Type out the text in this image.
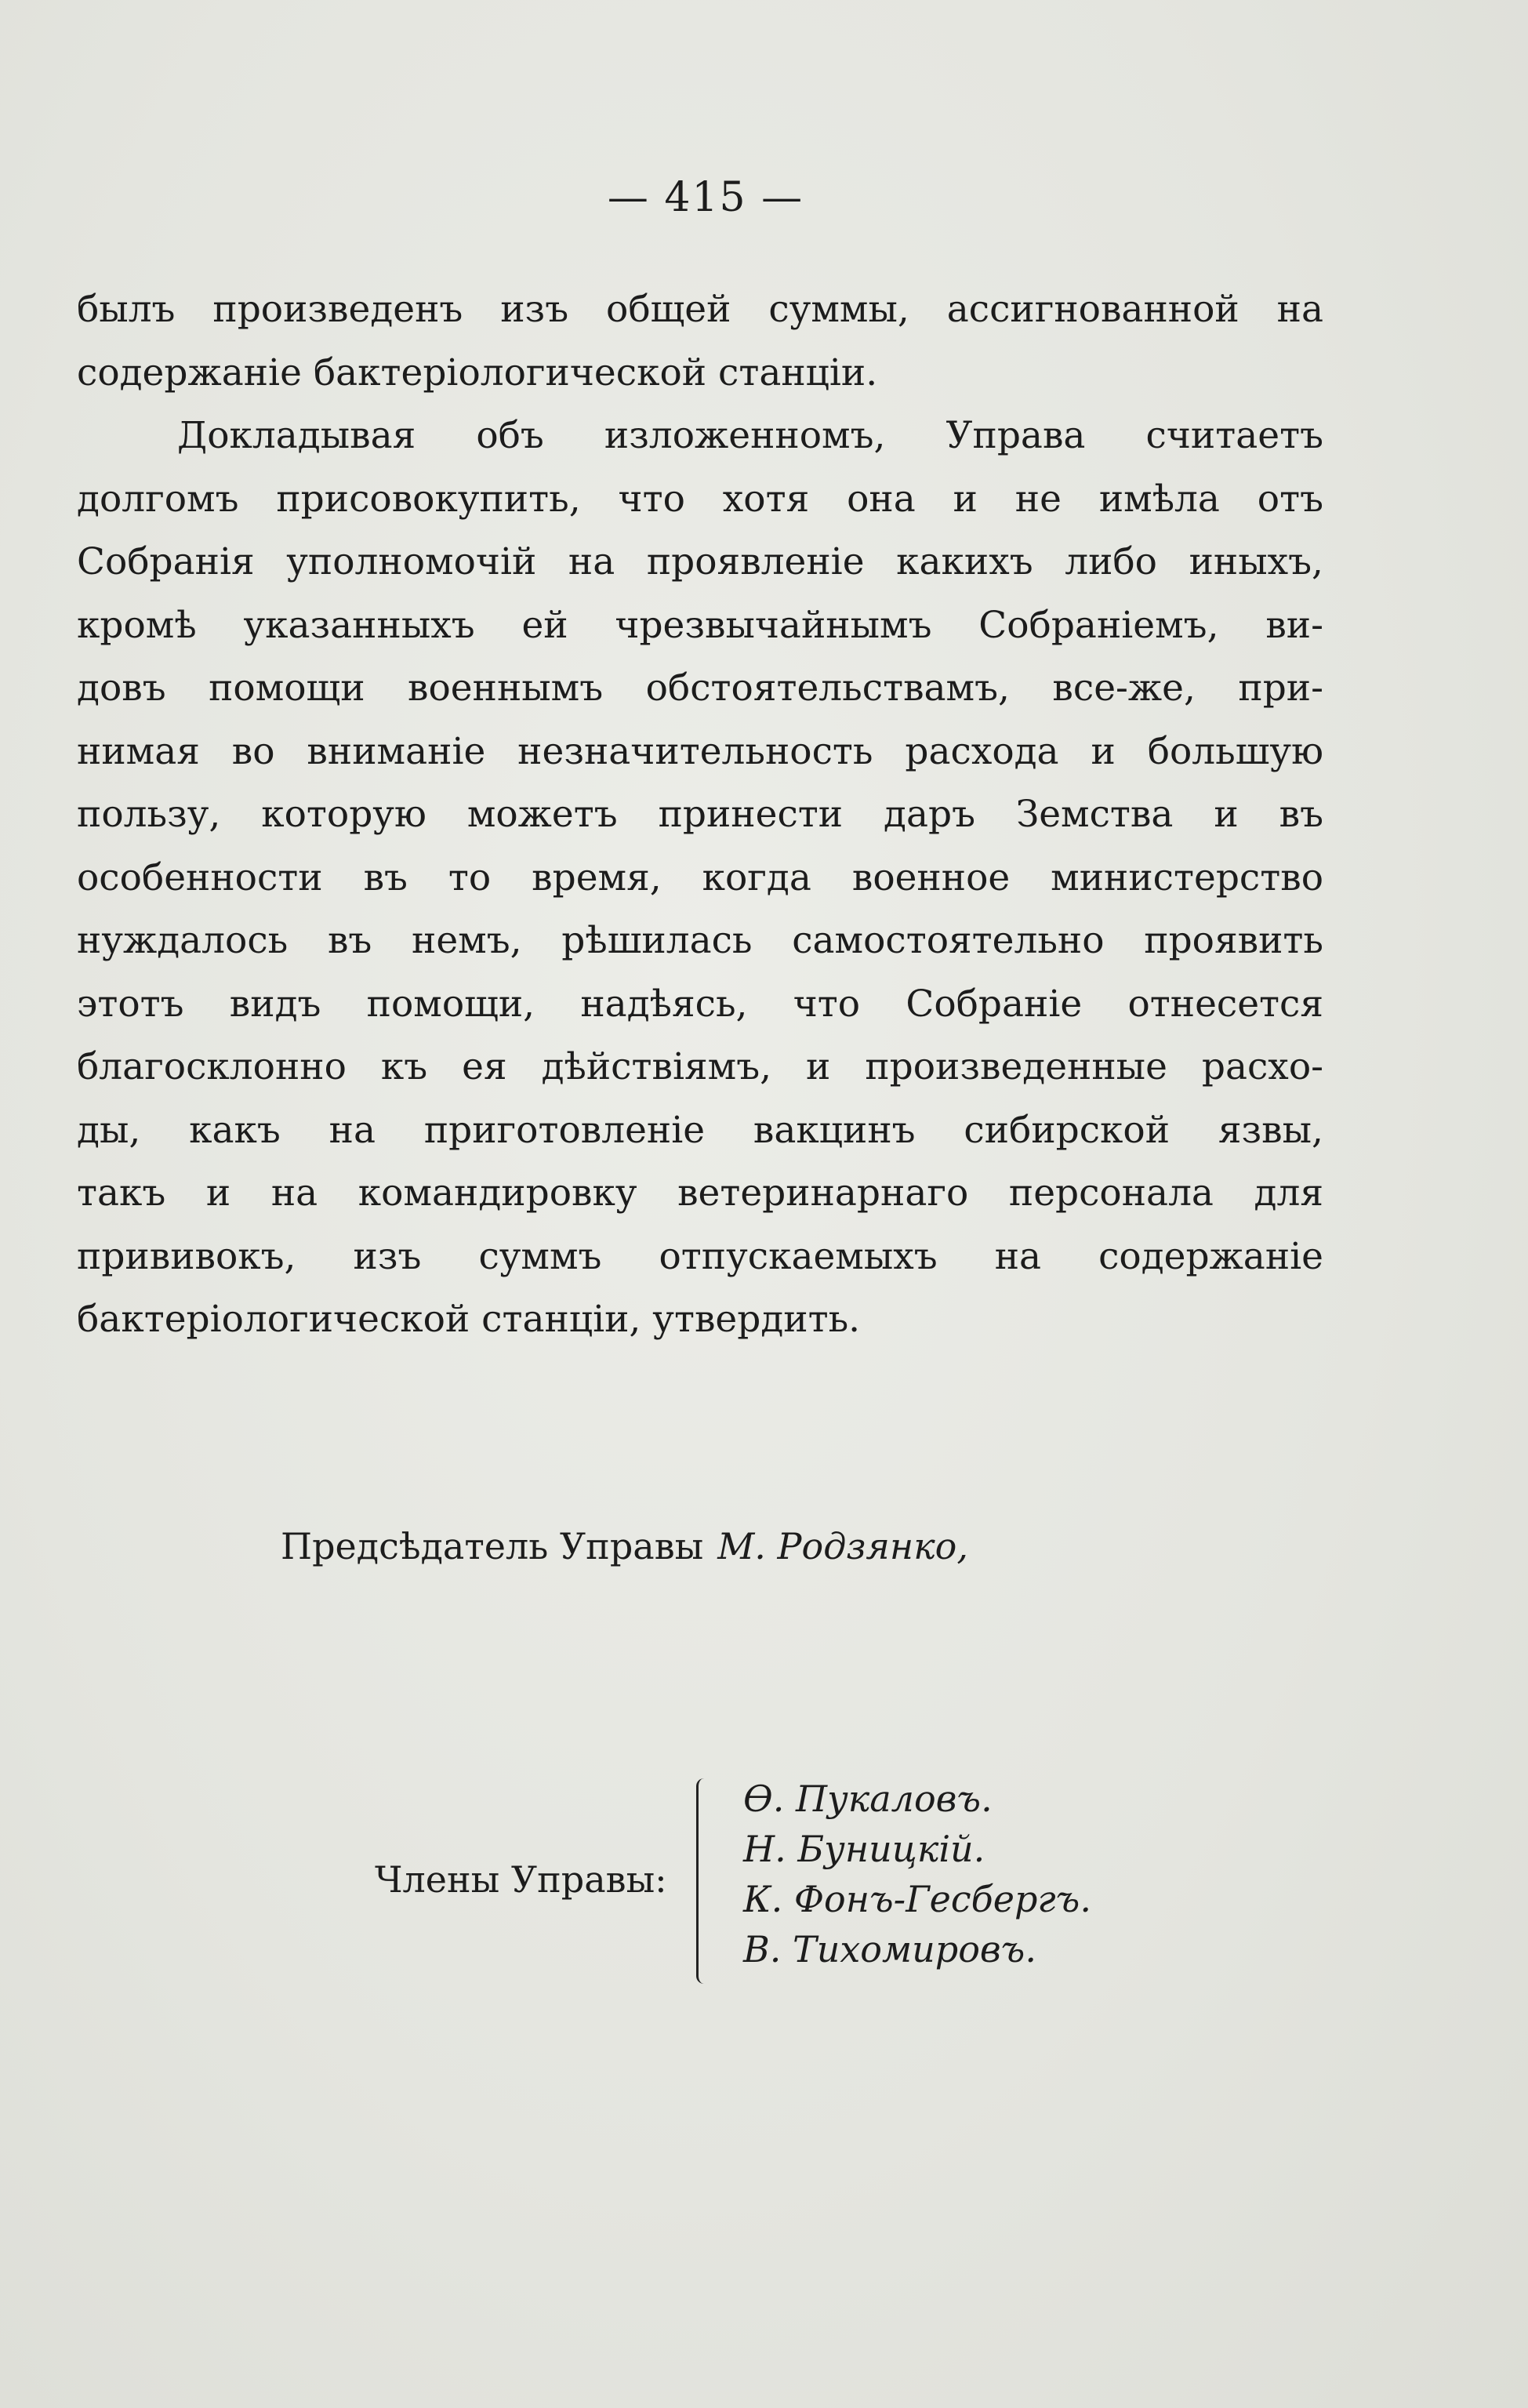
— 415 —
былъ произведенъ изъ общей суммы, ассигнованной на
содержанiе бактерiологической станцiи.
Докладывая объ изложенномъ, Управа считаетъ
долгомъ присовокупить, что хотя она и не имѣла отъ
Собранiя уполномочiй на проявленiе какихъ либо иныхъ,
кромѣ указанныхъ ей чрезвычайнымъ Собранiемъ, ви-
довъ помощи военнымъ обстоятельствамъ, все-же, при-
нимая во вниманiе незначительность расхода и большую
пользу, которую можетъ принести даръ Земства и въ
особенности въ то время, когда военное министерство
нуждалось въ немъ, рѣшилась самостоятельно проявить
этотъ видъ помощи, надѣясь, что Собранiе отнесется
благосклонно къ ея дѣйствiямъ, и произведенные расхо-
ды, какъ на приготовленiе вакцинъ сибирской язвы,
такъ и на командировку ветеринарнаго персонала для
прививокъ, изъ суммъ отпускаемыхъ на содержанiе
бактерiологической станцiи, утвердить.
Предсѣдатель Управы М. Родзянко,
Члены Управы:
Ѳ. Пукаловъ.
Н. Буницкiй.
К. Фонъ-Гесбергъ.
В. Тихомировъ.
